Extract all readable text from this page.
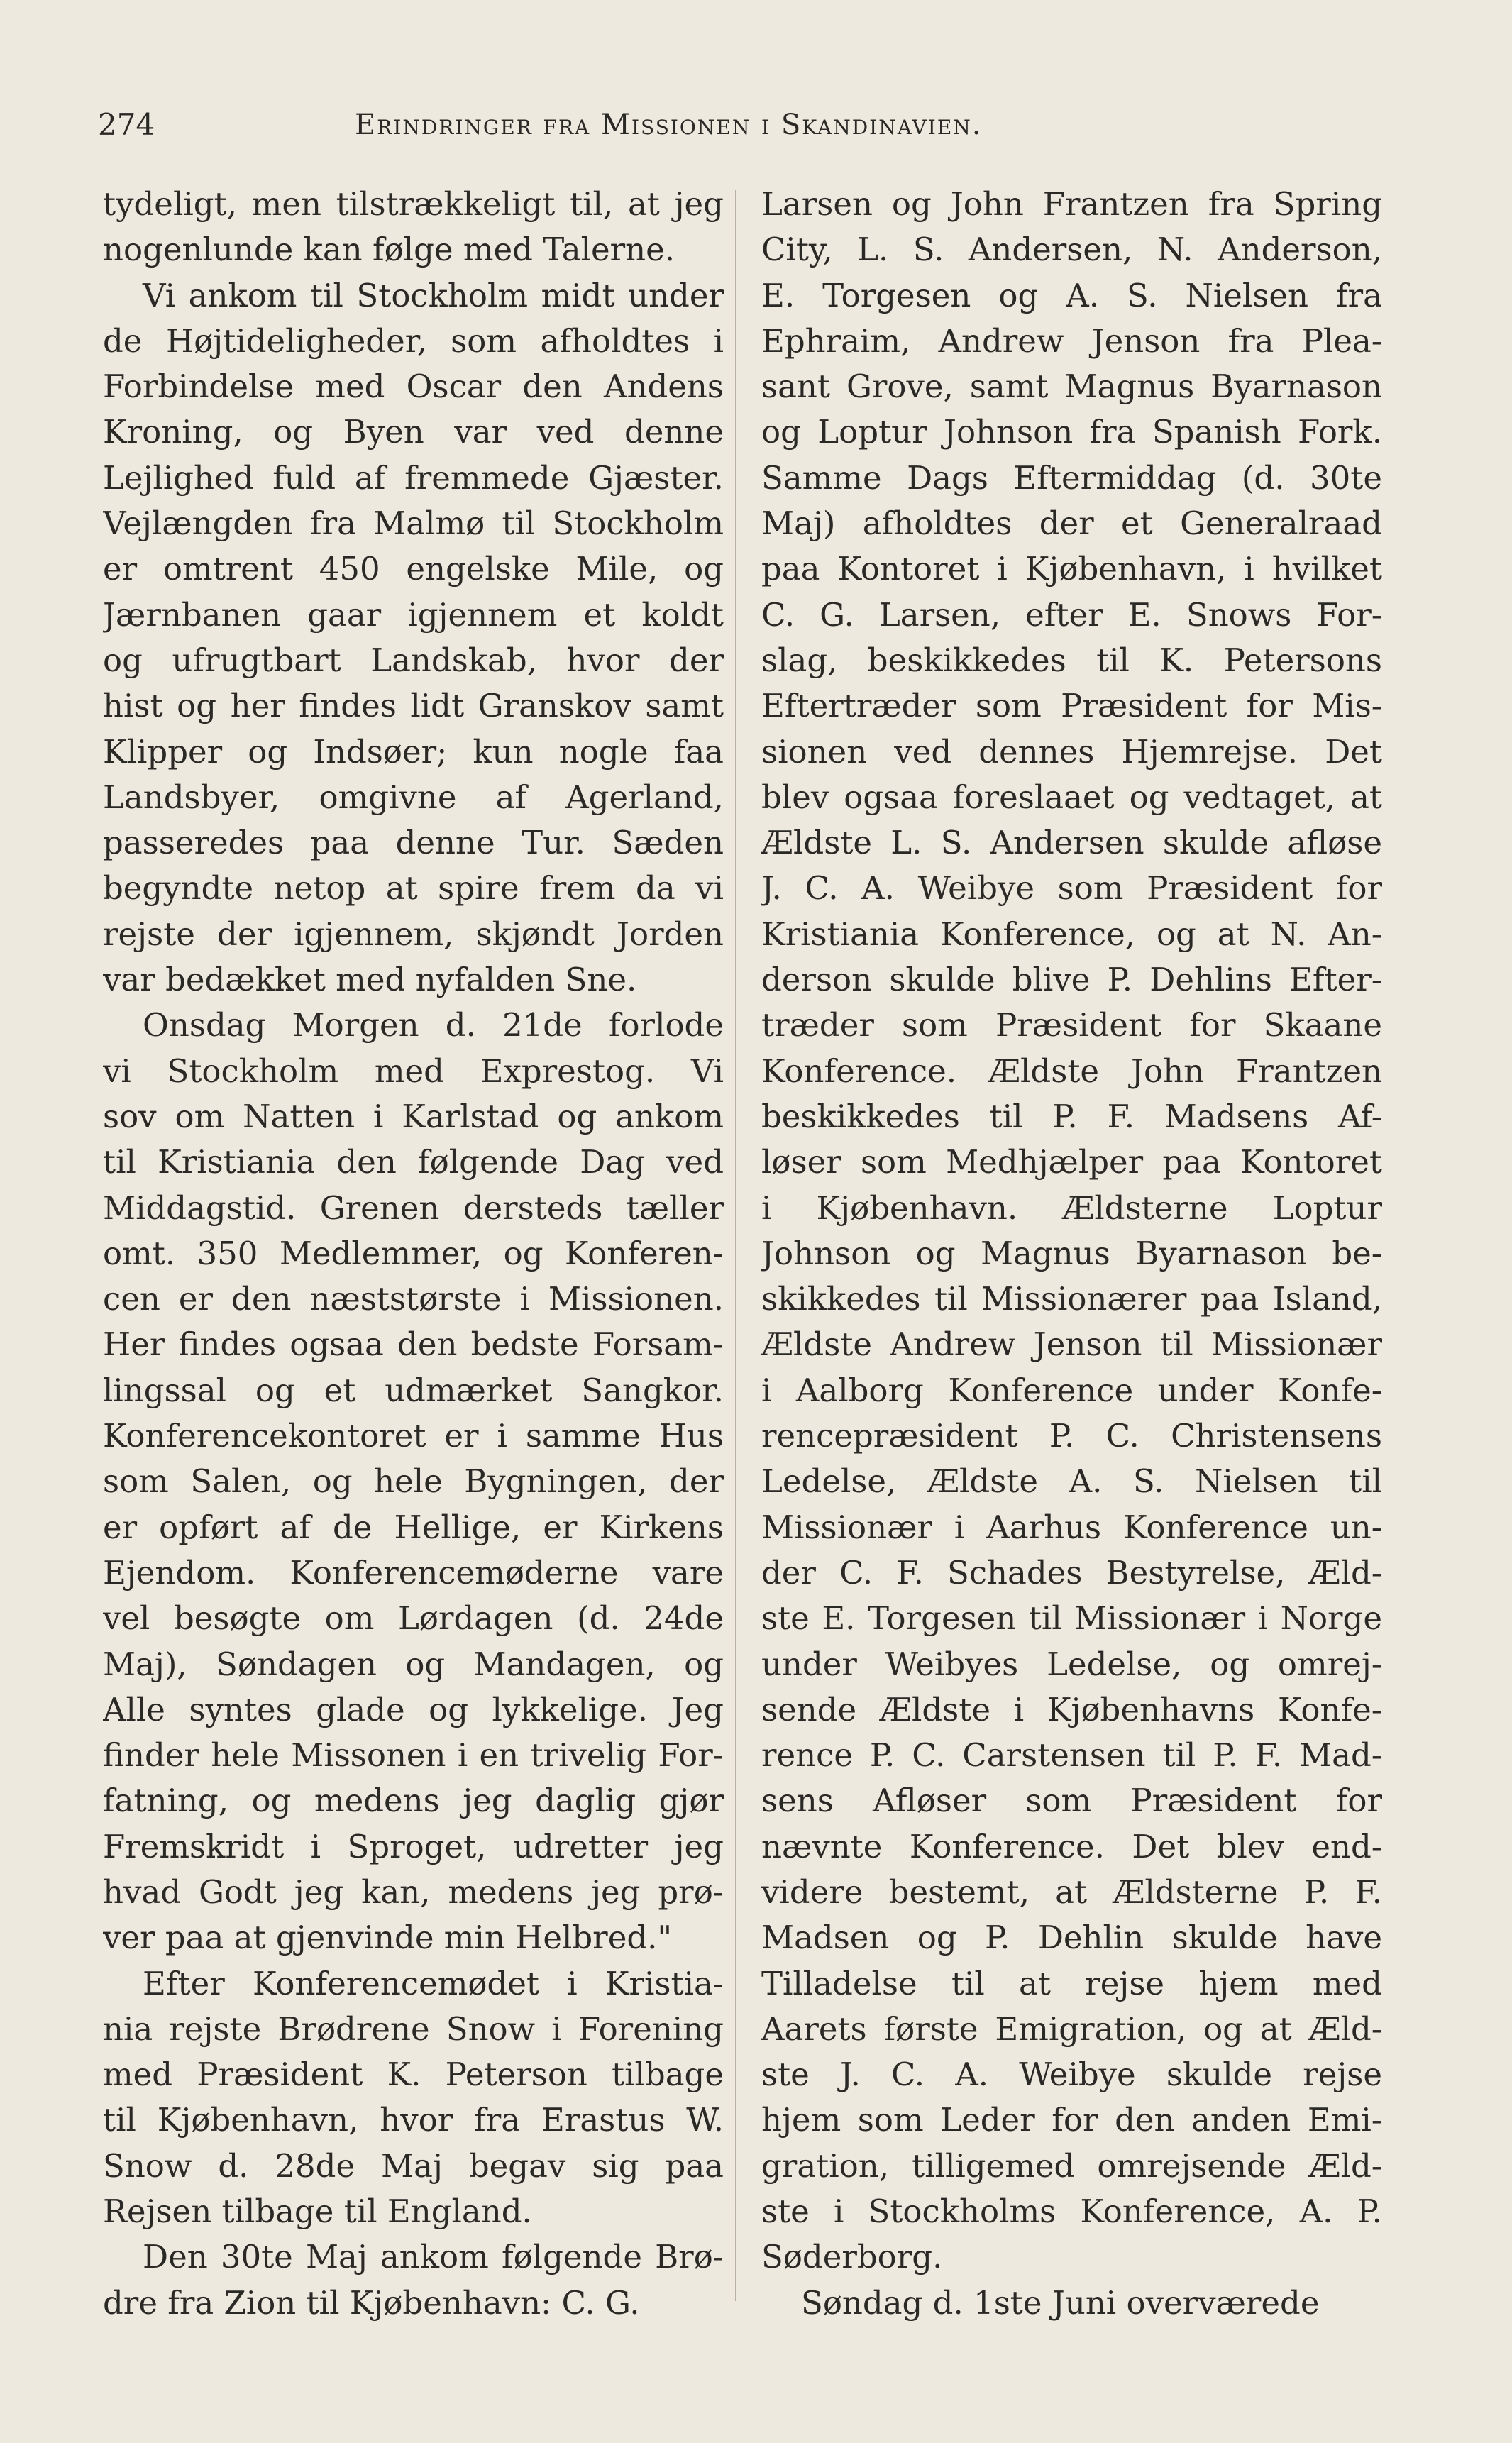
274	Erindringer fra Missionen i Skandinavien.
tydeligt, men tilstrækkeligt til, at jeg
nogenlunde kan følge med Talerne.
Vi ankom til Stockholm midt under
de Højtideligheder, som afholdtes i
Forbindelse med Oscar den Andens
Kroning, og Byen var ved denne
Lejlighed fuld af fremmede Gjæster.
Vejlængden fra Malmø til Stockholm
er omtrent 450 engelske Mile, og
Jærnbanen gaar igjennem et koldt
og ufrugtbart Landskab, hvor der
hist og her findes lidt Granskov samt
Klipper og Indsøer; kun nogle faa
Landsbyer, omgivne af Agerland,
passeredes paa denne Tur. Sæden
begyndte netop at spire frem da vi
rejste der igjennem, skjøndt Jorden
var bedækket med nyfalden Sne.
Onsdag Morgen d. 21de forlode
vi Stockholm med Exprestog. Vi
sov om Natten i Karlstad og ankom
til Kristiania den følgende Dag ved
Middagstid. Grenen dersteds tæller
omt. 350 Medlemmer, og Konferen-
cen er den næststørste i Missionen.
Her findes ogsaa den bedste Forsam-
lingssal og et udmærket Sangkor.
Konferencekontoret er i samme Hus
som Salen, og hele Bygningen, der
er opført af de Hellige, er Kirkens
Ejendom. Konferencemøderne vare
vel besøgte om Lørdagen (d. 24de
Maj), Søndagen og Mandagen, og
Alle syntes glade og lykkelige. Jeg
finder hele Missonen i en trivelig For-
fatning, og medens jeg daglig gjør
Fremskridt i Sproget, udretter jeg
hvad Godt jeg kan, medens jeg prø-
ver paa at gjenvinde min Helbred."
Efter Konferencemødet i Kristia-
nia rejste Brødrene Snow i Forening
med Præsident K. Peterson tilbage
til Kjøbenhavn, hvor fra Erastus W.
Snow d. 28de Maj begav sig paa
Rejsen tilbage til England.
Den 30te Maj ankom følgende Brø-
dre fra Zion til Kjøbenhavn: C. G.
Larsen og John Frantzen fra Spring
City, L. S. Andersen, N. Anderson,
E. Torgesen og A. S. Nielsen fra
Ephraim, Andrew Jenson fra Plea-
sant Grove, samt Magnus Byarnason
og Loptur Johnson fra Spanish Fork.
Samme Dags Eftermiddag (d. 30te
Maj) afholdtes der et Generalraad
paa Kontoret i Kjøbenhavn, i hvilket
C. G. Larsen, efter E. Snows For-
slag, beskikkedes til K. Petersons
Eftertræder som Præsident for Mis-
sionen ved dennes Hjemrejse. Det
blev ogsaa foreslaaet og vedtaget, at
Ældste L. S. Andersen skulde afløse
J. C. A. Weibye som Præsident for
Kristiania Konference, og at N. An-
derson skulde blive P. Dehlins Efter-
træder som Præsident for Skaane
Konference. Ældste John Frantzen
beskikkedes til P. F. Madsens Af-
løser som Medhjælper paa Kontoret
i Kjøbenhavn. Ældsterne Loptur
Johnson og Magnus Byarnason be-
skikkedes til Missionærer paa Island,
Ældste Andrew Jenson til Missionær
i Aalborg Konference under Konfe-
rencepræsident P. C. Christensens
Ledelse, Ældste A. S. Nielsen til
Missionær i Aarhus Konference un-
der C. F. Schades Bestyrelse, Æld-
ste E. Torgesen til Missionær i Norge
under Weibyes Ledelse, og omrej-
sende Ældste i Kjøbenhavns Konfe-
rence P. C. Carstensen til P. F. Mad-
sens Afløser som Præsident for
nævnte Konference. Det blev end-
videre bestemt, at Ældsterne P. F.
Madsen og P. Dehlin skulde have
Tilladelse til at rejse hjem med
Aarets første Emigration, og at Æld-
ste J. C. A. Weibye skulde rejse
hjem som Leder for den anden Emi-
gration, tilligemed omrejsende Æld-
ste i Stockholms Konference, A. P.
Søderborg.
Søndag d. 1ste Juni overværede
